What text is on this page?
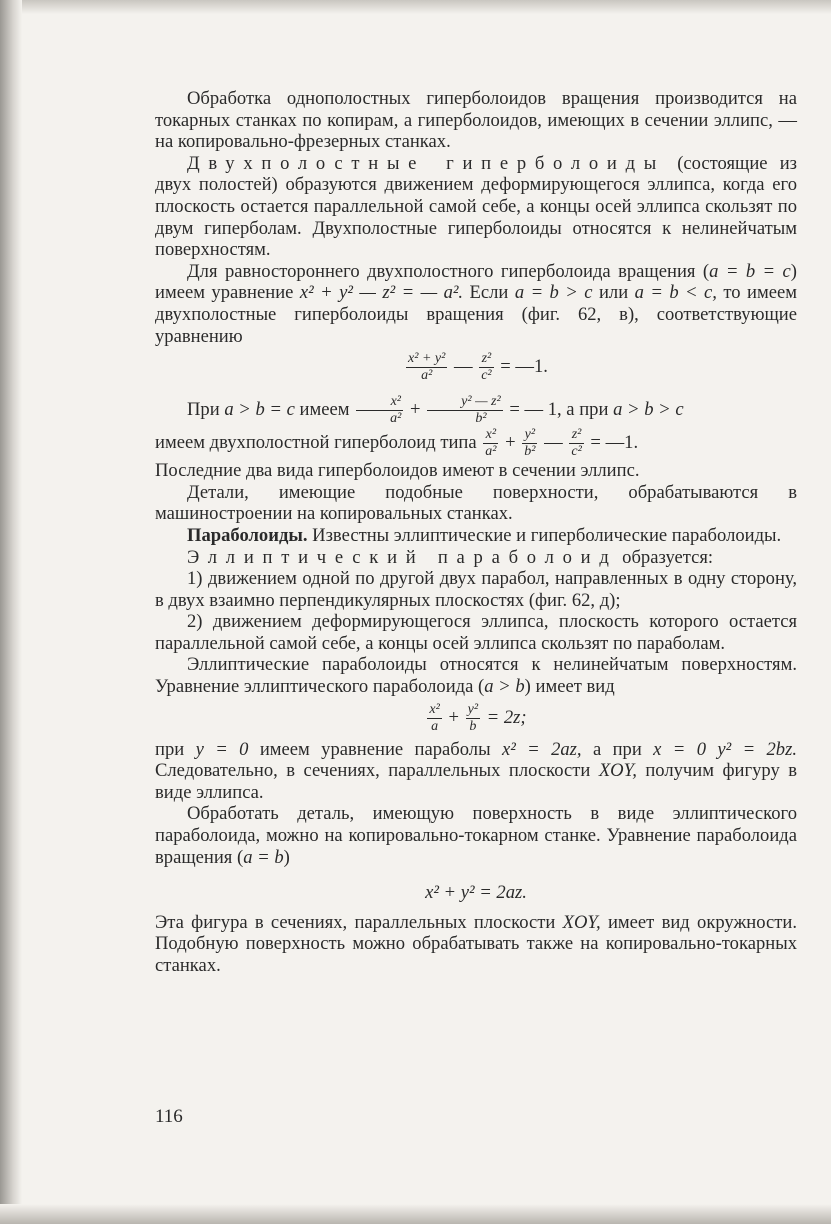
Обработка однополостных гиперболоидов вращения производится на токарных станках по копирам, а гиперболоидов, имеющих в сечении эллипс, — на копировально-фрезерных станках.

Двухполостные гиперболоиды (состоящие из двух полостей) образуются движением деформирующегося эллипса, когда его плоскость остается параллельной самой себе, а концы осей эллипса скользят по двум гиперболам. Двухполостные гиперболоиды относятся к нелинейчатым поверхностям.

Для равностороннего двухполостного гиперболоида вращения (a = b = c) имеем уравнение x² + y² — z² = — a². Если a = b > c или a = b < c, то имеем двухполостные гиперболоиды вращения (фиг. 62, в), соответствующие уравнению

$\frac{\text{x² + y²}}{\text{a²}}$ — $\frac{\text{z²}}{\text{c²}}$ = —1.

При a > b = c имеем $\frac{\text{x²}}{\text{a²}} + \frac{\text{y² — z²}}{\text{b²}}$ = — 1, а при a > b > c

имеем двухполостной гиперболоид типа $\frac{\text{x²}}{\text{a²}} + \frac{\text{y²}}{\text{b²}}$ — $\frac{\text{z²}}{\text{c²}}$ = —1.

Последние два вида гиперболоидов имеют в сечении эллипс.

Детали, имеющие подобные поверхности, обрабатываются в машиностроении на копировальных станках.

Параболоиды. Известны эллиптические и гиперболические параболоиды.

Эллиптический параболоид образуется:

1) движением одной по другой двух парабол, направленных в одну сторону, в двух взаимно перпендикулярных плоскостях (фиг. 62, д);

2) движением деформирующегося эллипса, плоскость которого остается параллельной самой себе, а концы осей эллипса скользят по параболам.

Эллиптические параболоиды относятся к нелинейчатым поверхностям. Уравнение эллиптического параболоида (a > b) имеет вид

$\frac{\text{x²}}{a} + \frac{\text{y²}}{b} = 2z$;

при y = 0 имеем уравнение параболы x² = 2az, а при x = 0 y² = 2bz. Следовательно, в сечениях, параллельных плоскости XOY, получим фигуру в виде эллипса.

Обработать деталь, имеющую поверхность в виде эллиптического параболоида, можно на копировально-токарном станке. Уравнение параболоида вращения (a = b)

x² + y² = 2az.

Эта фигура в сечениях, параллельных плоскости XOY, имеет вид окружности. Подобную поверхность можно обрабатывать также на копировально-токарных станках.

116
